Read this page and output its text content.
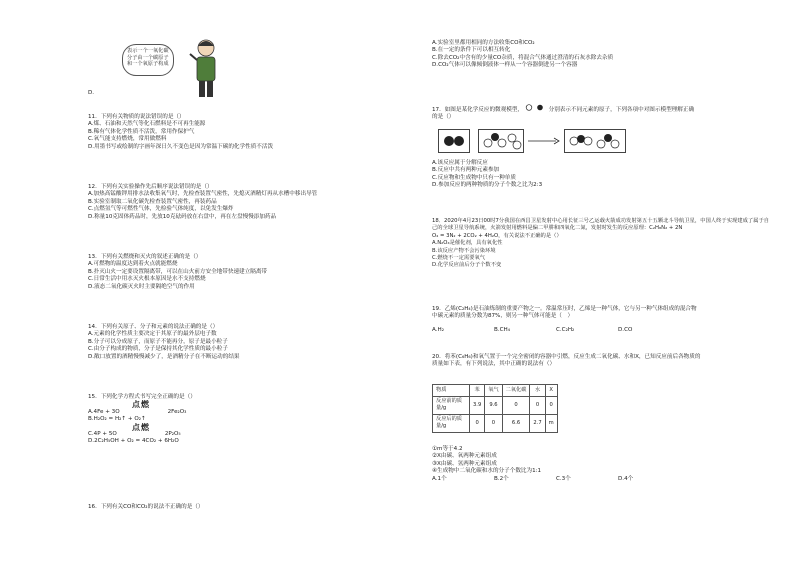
表示一个一氧化碳

分子由一个碳原子

和一个氧原子构成

D.

11．下列有关物质的说法错误的是（）

A.煤、石油和天然气等化石燃料是不可再生能源

B.稀有气体化学性质不活泼，常用作保护气

C.氧气能支持燃烧，常用做燃料

D.用墨书写或绘制的字画年深日久不变色是因为常温下碳的化学性质不活泼

12．下列有关实验操作先后顺序说法错误的是（）

A.加热高锰酸钾用排水法收集氧气时，先检查装置气密性，先熄灭酒精灯再从水槽中移出导管

B.实验室制取二氧化碳先检查装置气密性，再装药品

C.点燃氢气等可燃性气体，先检验气体纯度，以免发生爆炸

D.称量10克固体药品时，先放10克砝码放在右盘中，再在左盘慢慢添加药品

13．下列有关燃烧和灭火的叙述正确的是（）

A.可燃物的温度达到着火点就能燃烧

B.扑灭山火一定要设置隔离带，可以在山火前方安全地带快速建立隔离带

C.日常生活中用水灭火根本原因是水不支持燃烧

D.液态二氧化碳灭火时主要隔绝空气的作用

14．下列有关原子、分子和元素的说法正确的是（）

A.元素的化学性质主要决定于其原子的最外层电子数

B.分子可以分成原子，而原子不能再分，原子是最小粒子

C.由分子构成的物质，分子是保持其化学性质的最小粒子

D.敞口放置的酒精慢慢减少了，是酒精分子在不断运动的结果

15．下列化学方程式书写完全正确的是（）

点燃

A.4Fe + 3O	2Fe₂O₃

B.H₂O₂ = H₂↑ + O₂↑

点燃

C.4P + 5O	2P₂O₅

D.2C₂H₅OH + O₂ = 4CO₂ + 6H₂O

16．下列有关CO和CO₂的说法不正确的是（）

A.实验室里都用相同的方法收集CO和CO₂

B.在一定的条件下可以相互转化

C.除去CO₂中含有的少量CO杂质，将混合气体通过澄清的石灰水除去杂质

D.CO₂气体可以像倾倒液体一样从一个容器倒进另一个容器

17．如图是某化学反应的微观模型，	分别表示不同元素的原子，下列各项中对图示模型理解正确

的是（）

A.该反应属于分解反应

B.反应中共有两种元素参加

C.反应物和生成物中只有一种单质

D.参加反应的两种物质的分子个数之比为2:3

18．2020年4月23日00时7分我国在西昌卫星发射中心用长征三号乙运载火箭成功发射第五十五颗北斗导航卫星，中国人终于实现建成了属于自

己的全球卫星导航系统，火箭发射用燃料是偏二甲肼和四氧化二氮，发射时发生的反应原理：C₂H₈N₂ + 2N

O₄ = 3N₂ + 2CO₂ + 4H₂O，有关说法不正确的是（）

A.N₂O₄是催化剂，具有氧化性

B.该反应产物不会污染环境

C.燃烧不一定需要氧气

D.化学反应前后分子个数不变

19．乙烯(C₂H₄)是石油炼制的重要产物之一。常温常压时，乙烯是一种气体，它与另一种气体组成的混合物

中碳元素的质量分数为87%，则另一种气体可能是（　）

A.H₂	B.CH₄	C.C₂H₂	D.CO

20．将苯(C₆H₆)和氧气置于一个完全密闭的容器中引燃，反应生成二氧化碳、水和X，已知反应前后各物质的

质量如下表，有下列说法，其中正确的说法有（）

物质	苯	氧气	二氧化碳	水	X
反应前的质量/g	3.9	9.6	0	0	0
反应后的质量/g	0	0	6.6	2.7	m

①m等于4.2

②X由碳、氧两种元素组成

③X由碳、氢两种元素组成

④生成物中二氧化碳和水的分子个数比为1:1

A.1个	B.2个	C.3个	D.4个
